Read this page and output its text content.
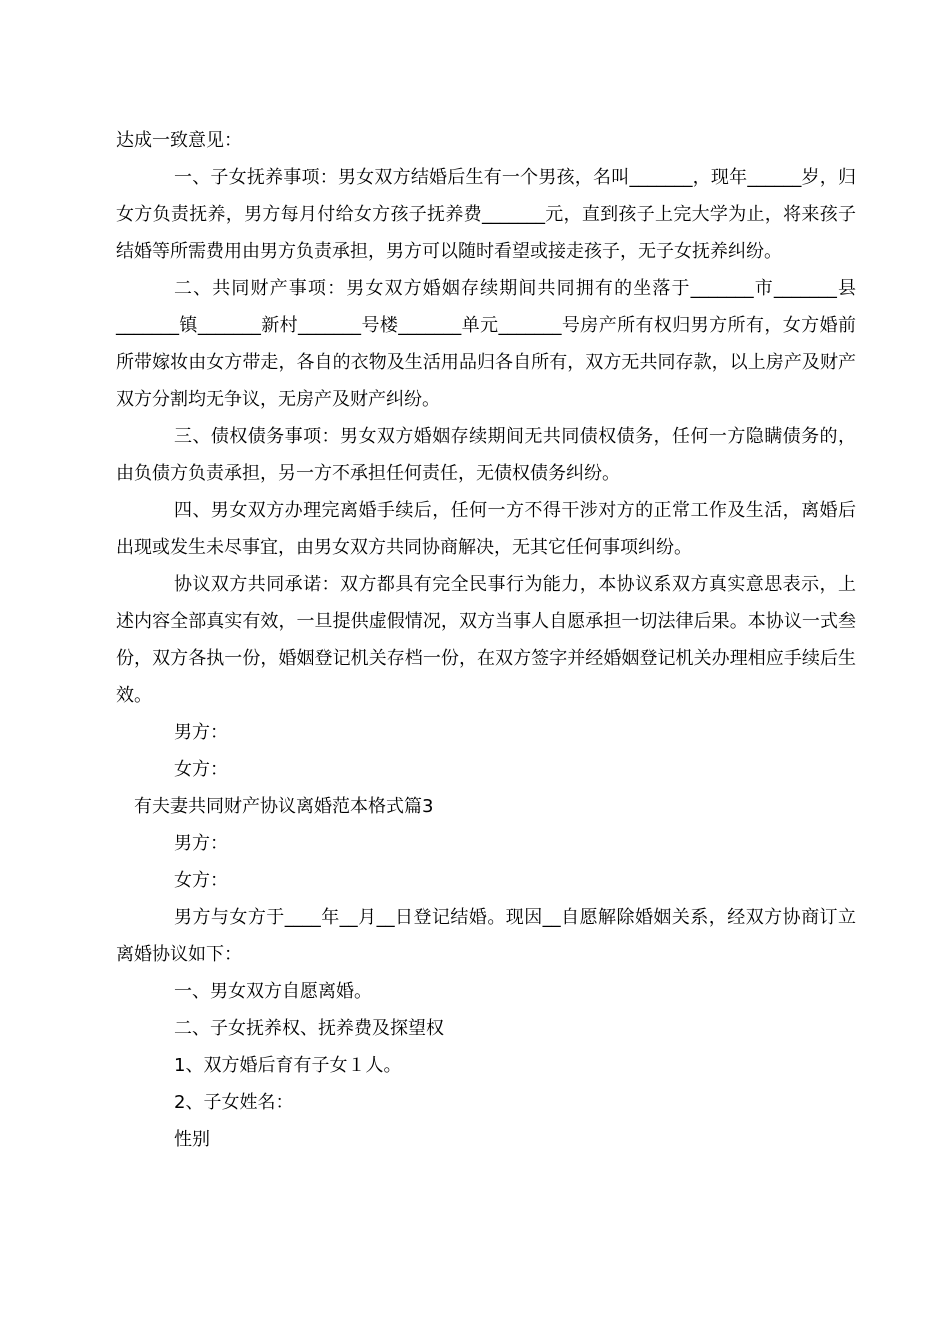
达成一致意见：

一、子女抚养事项：男女双方结婚后生有一个男孩，名叫_______，现年______岁，归女方负责抚养，男方每月付给女方孩子抚养费_______元，直到孩子上完大学为止，将来孩子结婚等所需费用由男方负责承担，男方可以随时看望或接走孩子，无子女抚养纠纷。

二、共同财产事项：男女双方婚姻存续期间共同拥有的坐落于_______市_______县_______镇_______新村_______号楼_______单元_______号房产所有权归男方所有，女方婚前所带嫁妆由女方带走，各自的衣物及生活用品归各自所有，双方无共同存款，以上房产及财产双方分割均无争议，无房产及财产纠纷。

三、债权债务事项：男女双方婚姻存续期间无共同债权债务，任何一方隐瞒债务的，由负债方负责承担，另一方不承担任何责任，无债权债务纠纷。

四、男女双方办理完离婚手续后，任何一方不得干涉对方的正常工作及生活，离婚后出现或发生未尽事宜，由男女双方共同协商解决，无其它任何事项纠纷。

协议双方共同承诺：双方都具有完全民事行为能力，本协议系双方真实意思表示，上述内容全部真实有效，一旦提供虚假情况，双方当事人自愿承担一切法律后果。本协议一式叁份，双方各执一份，婚姻登记机关存档一份，在双方签字并经婚姻登记机关办理相应手续后生效。

男方：

女方：

有夫妻共同财产协议离婚范本格式篇3

男方：

女方：

男方与女方于____年__月__日登记结婚。现因__自愿解除婚姻关系，经双方协商订立离婚协议如下：

一、男女双方自愿离婚。

二、子女抚养权、抚养费及探望权

1、双方婚后育有子女１人。

2、子女姓名：

性别
